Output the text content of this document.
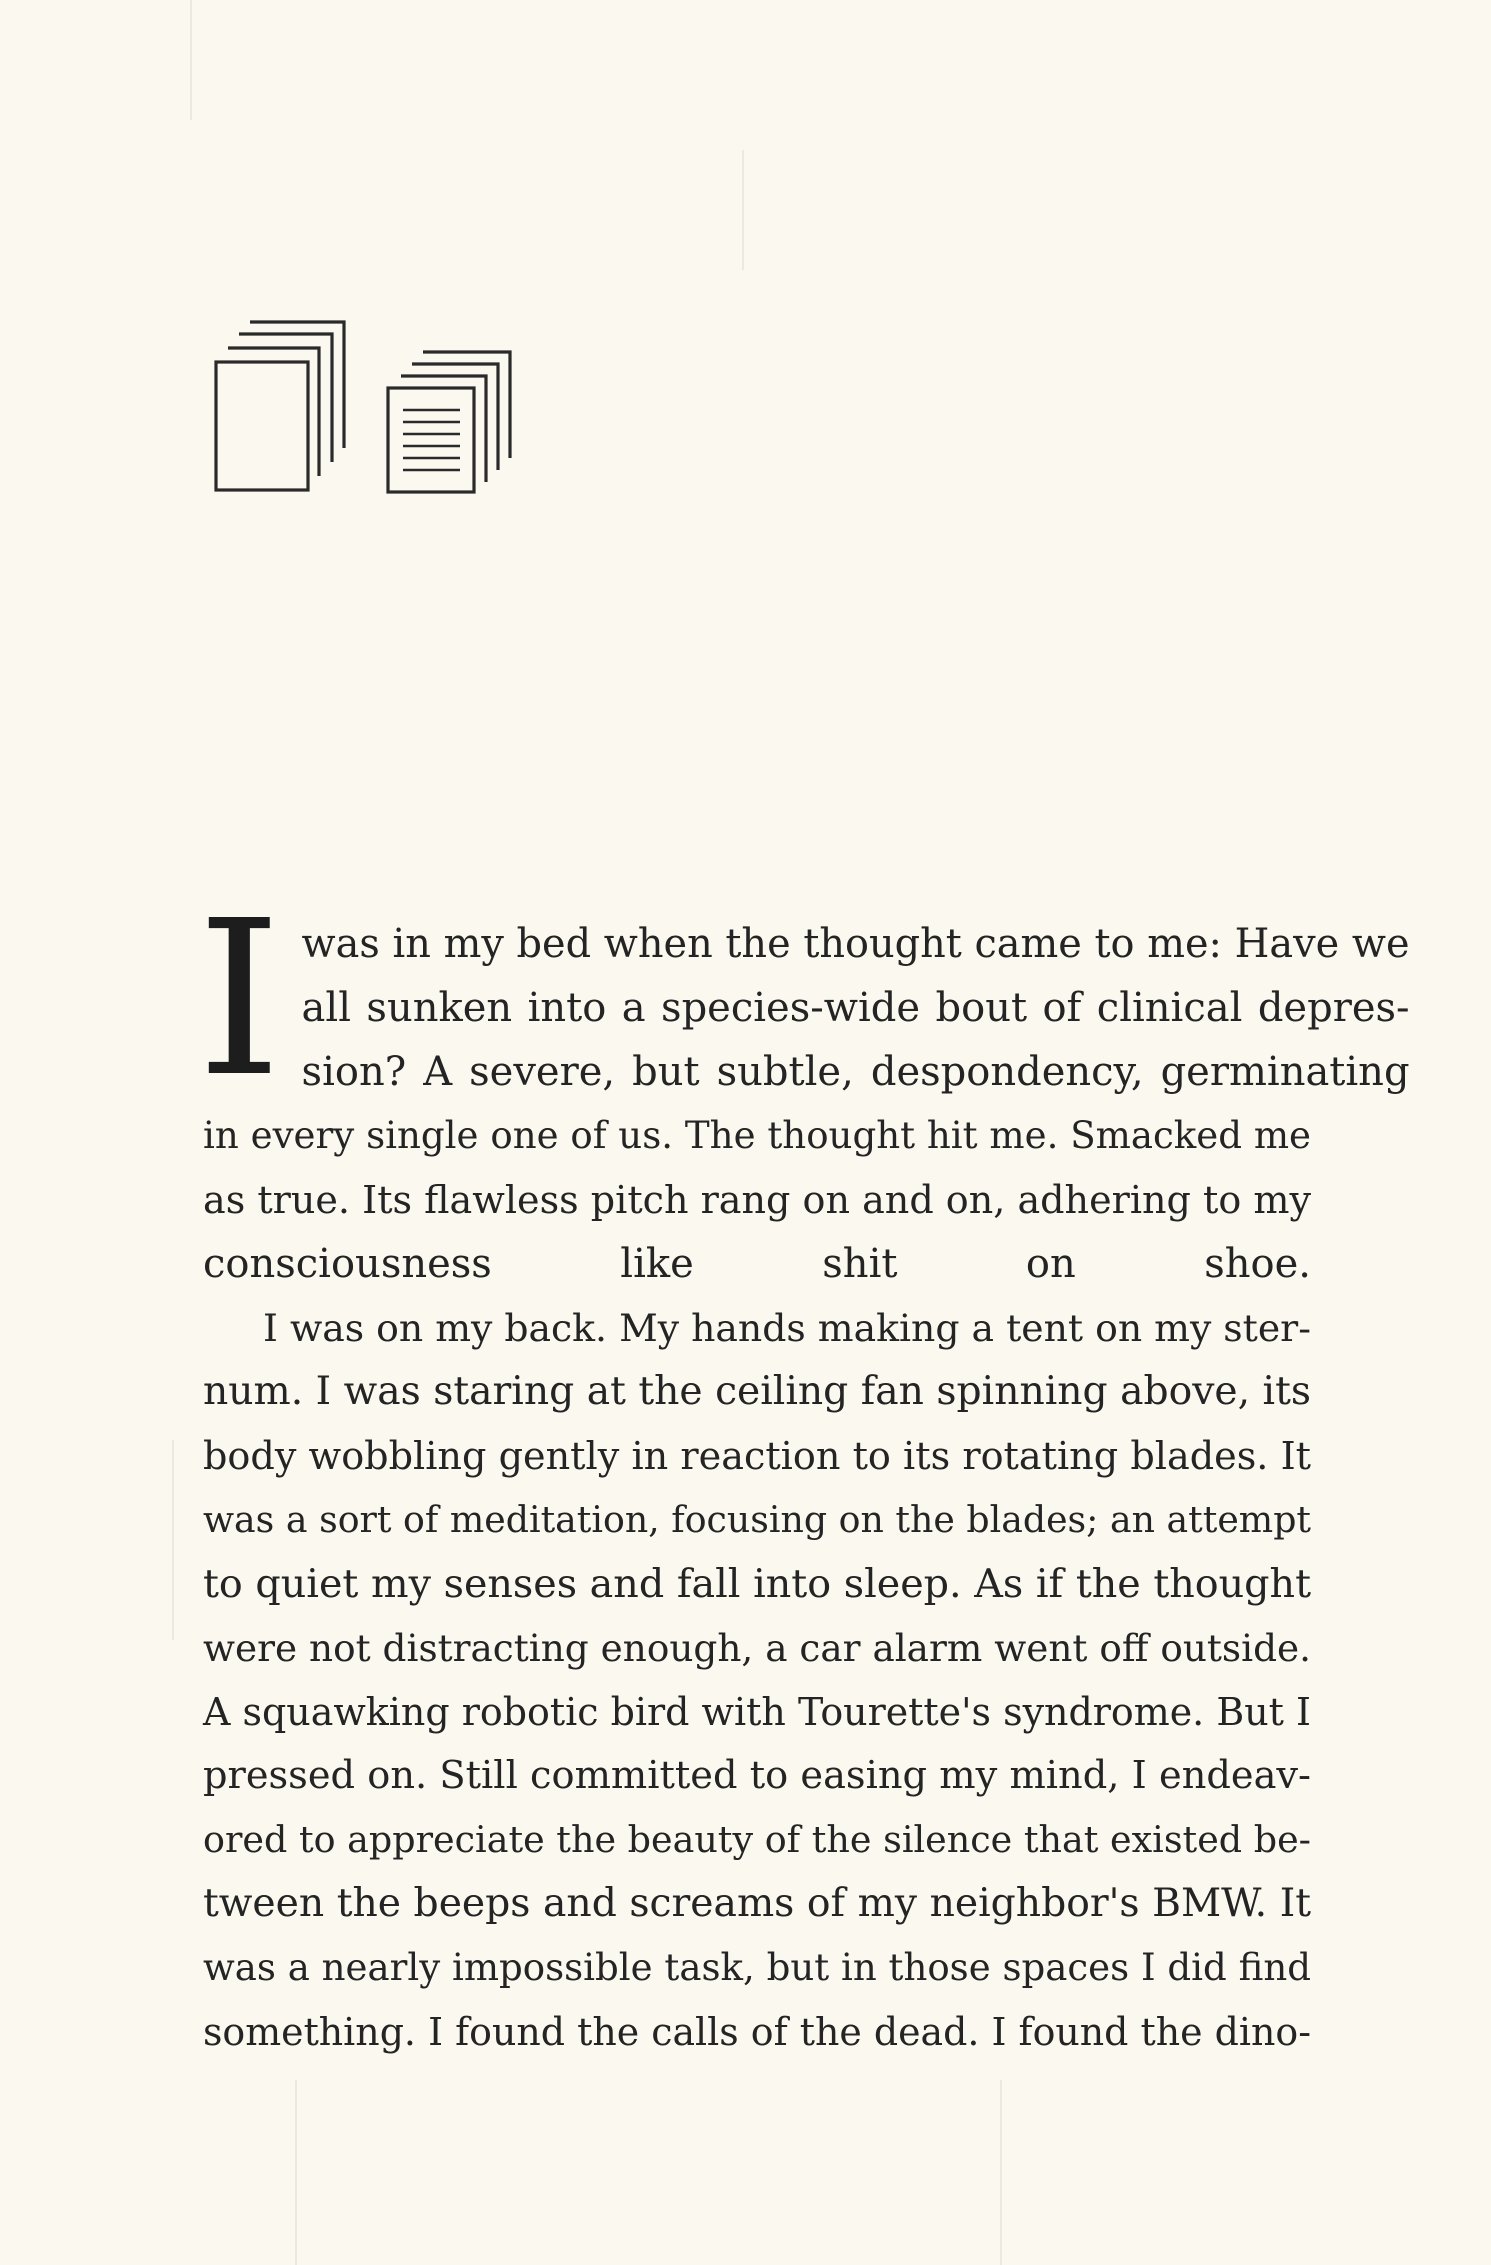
I was in my bed when the thought came to me: Have we
all sunken into a species-wide bout of clinical depres-
sion? A severe, but subtle, despondency, germinating
in every single one of us. The thought hit me. Smacked me
as true. Its flawless pitch rang on and on, adhering to my
consciousness like shit on shoe.
I was on my back. My hands making a tent on my ster-
num. I was staring at the ceiling fan spinning above, its
body wobbling gently in reaction to its rotating blades. It
was a sort of meditation, focusing on the blades; an attempt
to quiet my senses and fall into sleep. As if the thought
were not distracting enough, a car alarm went off outside.
A squawking robotic bird with Tourette's syndrome. But I
pressed on. Still committed to easing my mind, I endeav-
ored to appreciate the beauty of the silence that existed be-
tween the beeps and screams of my neighbor's BMW. It
was a nearly impossible task, but in those spaces I did find
something. I found the calls of the dead. I found the dino-
